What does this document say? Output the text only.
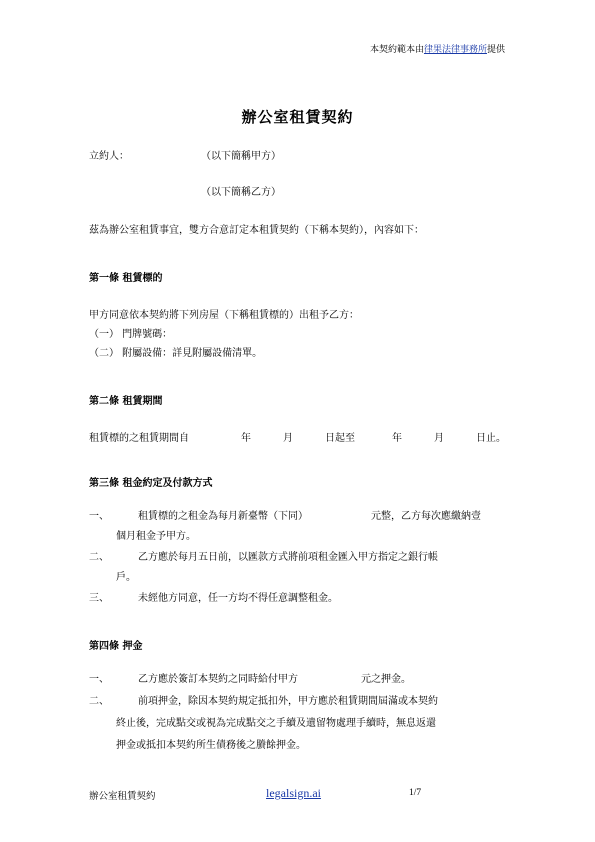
本契約範本由律果法律事務所提供
辦公室租賃契約
立約人：	（以下簡稱甲方）
（以下簡稱乙方）
茲為辦公室租賃事宜，雙方合意訂定本租賃契約（下稱本契約），內容如下：
第一條 租賃標的
甲方同意依本契約將下列房屋（下稱租賃標的）出租予乙方：
（一） 門牌號碼：
（二） 附屬設備：詳見附屬設備清單。
第二條 租賃期間
租賃標的之租賃期間自	年	月	日起至	年	月	日止。
第三條 租金約定及付款方式
一、	租賃標的之租金為每月新臺幣（下同）	元整，乙方每次應繳納壹
個月租金予甲方。
二、	乙方應於每月五日前，以匯款方式將前項租金匯入甲方指定之銀行帳
戶。
三、	未經他方同意，任一方均不得任意調整租金。
第四條 押金
一、	乙方應於簽訂本契約之同時給付甲方	元之押金。
二、	前項押金，除因本契約規定抵扣外，甲方應於租賃期間屆滿或本契約
終止後，完成點交或視為完成點交之手續及遺留物處理手續時，無息返還
押金或抵扣本契約所生債務後之賸餘押金。
辦公室租賃契約	legalsign.ai	1/7
